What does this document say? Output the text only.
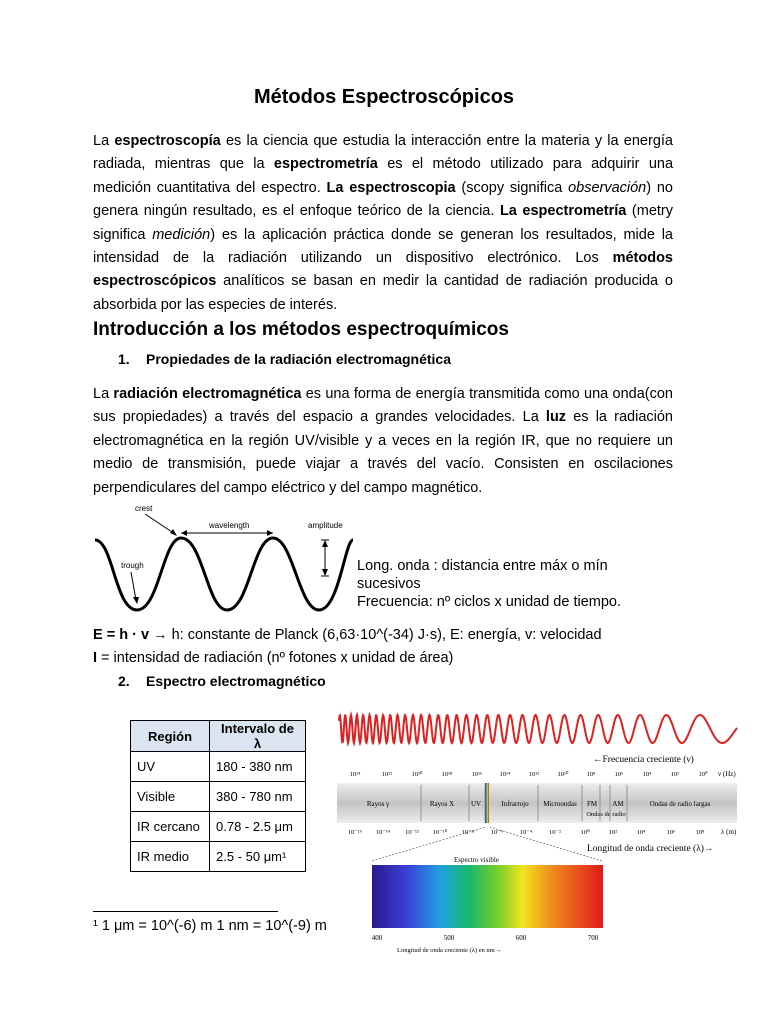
Métodos Espectroscópicos

La espectroscopía es la ciencia que estudia la interacción entre la materia y la energía radiada, mientras que la espectrometría es el método utilizado para adquirir una medición cuantitativa del espectro. La espectroscopia (scopy significa observación) no genera ningún resultado, es el enfoque teórico de la ciencia. La espectrometría (metry significa medición) es la aplicación práctica donde se generan los resultados, mide la intensidad de la radiación utilizando un dispositivo electrónico. Los métodos espectroscópicos analíticos se basan en medir la cantidad de radiación producida o absorbida por las especies de interés.

Introducción a los métodos espectroquímicos
1. Propiedades de la radiación electromagnética

La radiación electromagnética es una forma de energía transmitida como una onda(con sus propiedades) a través del espacio a grandes velocidades. La luz es la radiación electromagnética en la región UV/visible y a veces en la región IR, que no requiere un medio de transmisión, puede viajar a través del vacío. Consisten en oscilaciones perpendiculares del campo eléctrico y del campo magnético.

wavelength
crest
trough
amplitude
Long. onda : distancia entre máx o mín
sucesivos
Frecuencia: nº ciclos x unidad de tiempo.
E = h · v → h: constante de Planck (6,63·10^(-34) J·s), E: energía, v: velocidad
I = intensidad de radiación (nº fotones x unidad de área)
2. Espectro electromagnético
Región	Intervalo de λ
UV	180 - 380 nm
Visible	380 - 780 nm
IR cercano	0.78 - 2.5 μm
IR medio	2.5 - 50 μm¹
←Frecuencia creciente (ν)
10²⁴	10²²	10²⁰	10¹⁸	10¹⁶	10¹⁴	10¹²	10¹⁰	10⁸	10⁶	10⁴	10²	10⁰ ν (Hz)
Rayos γ	Rayos X UV	Infrarrojo Microondas FM AM	Ondas de radio largas
Ondas de radio
10⁻¹⁶ 10⁻¹⁴ 10⁻¹² 10⁻¹⁰ 10⁻⁸	10⁻⁶	10⁻⁴	10⁻²	10⁰	10²	10⁴	10⁶	10⁸ λ (m)
Longitud de onda creciente (λ)→
Espectro visible
400	500	600	700
Longitud de onda creciente (λ) en nm→
¹ 1 μm = 10^(-6) m 1 nm = 10^(-9) m
